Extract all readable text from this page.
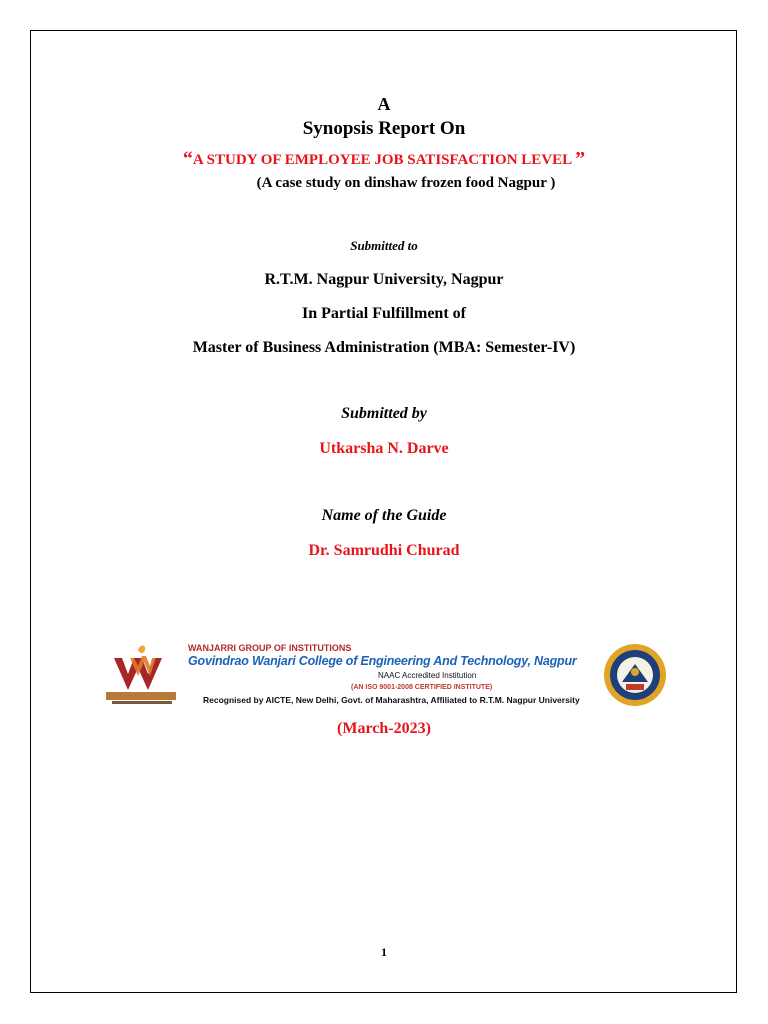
A
Synopsis Report On
“A STUDY OF EMPLOYEE JOB SATISFACTION LEVEL ”
(A case study on dinshaw frozen food Nagpur )
Submitted to
R.T.M. Nagpur University, Nagpur
In Partial Fulfillment of
Master of Business Administration (MBA: Semester-IV)
Submitted by
Utkarsha N. Darve
Name of the Guide
Dr. Samrudhi Churad
WANJARRI GROUP OF INSTITUTIONS
Govindrao Wanjari College of Engineering And Technology, Nagpur
NAAC Accredited Institution
(AN ISO 9001-2008 CERTIFIED INSTITUTE)
Recognised by AICTE, New Delhi, Govt. of Maharashtra, Affiliated to R.T.M. Nagpur University
(March-2023)
1
